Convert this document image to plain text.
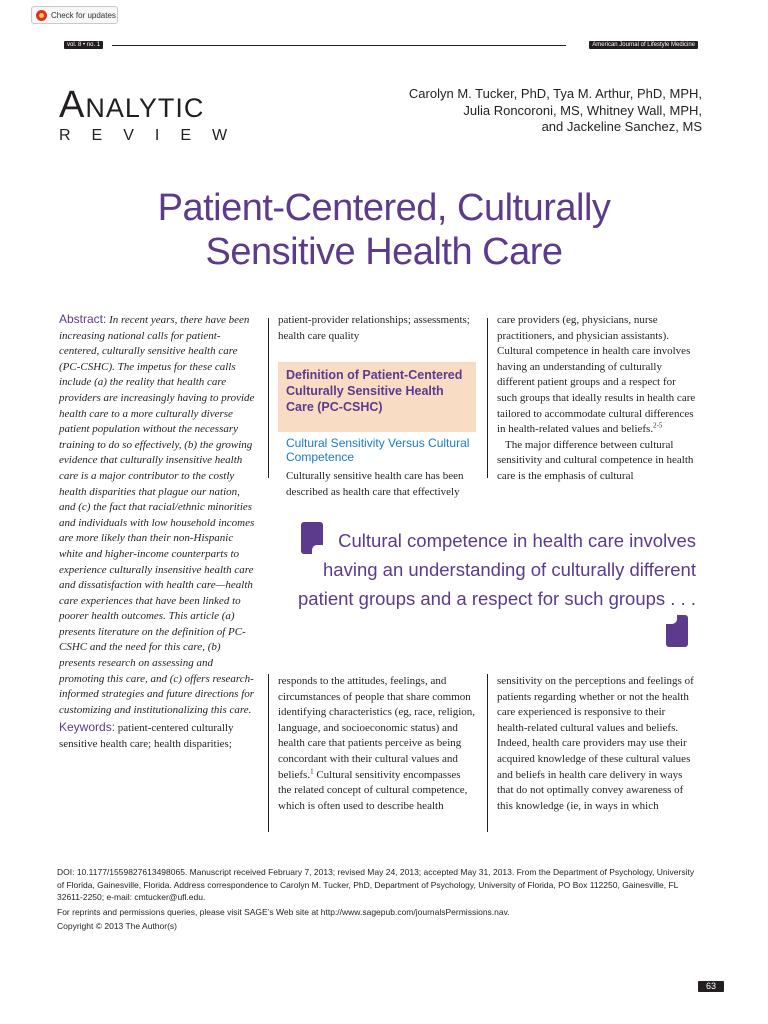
Check for updates
vol. 8 • no. 1	American Journal of Lifestyle Medicine
Analytic
REVIEW
Carolyn M. Tucker, PhD, Tya M. Arthur, PhD, MPH,
Julia Roncoroni, MS, Whitney Wall, MPH,
and Jackeline Sanchez, MS
Patient-Centered, Culturally
Sensitive Health Care
Abstract: In recent years, there have been increasing national calls for patient-centered, culturally sensitive health care (PC-CSHC). The impetus for these calls include (a) the reality that health care providers are increasingly having to provide health care to a more culturally diverse patient population without the necessary training to do so effectively, (b) the growing evidence that culturally insensitive health care is a major contributor to the costly health disparities that plague our nation, and (c) the fact that racial/ethnic minorities and individuals with low household incomes are more likely than their non-Hispanic white and higher-income counterparts to experience culturally insensitive health care and dissatisfaction with health care—health care experiences that have been linked to poorer health outcomes. This article (a) presents literature on the definition of PC-CSHC and the need for this care, (b) presents research on assessing and promoting this care, and (c) offers research-informed strategies and future directions for customizing and institutionalizing this care.
Keywords: patient-centered culturally sensitive health care; health disparities;
patient-provider relationships; assessments; health care quality
Definition of Patient-Centered Culturally Sensitive Health Care (PC-CSHC)
Cultural Sensitivity Versus Cultural Competence
Culturally sensitive health care has been described as health care that effectively
care providers (eg, physicians, nurse practitioners, and physician assistants). Cultural competence in health care involves having an understanding of culturally different patient groups and a respect for such groups that ideally results in health care tailored to accommodate cultural differences in health-related values and beliefs.$^{2-5}$
The major difference between cultural sensitivity and cultural competence in health care is the emphasis of cultural
Cultural competence in health care involves having an understanding of culturally different patient groups and a respect for such groups . . .
responds to the attitudes, feelings, and circumstances of people that share common identifying characteristics (eg, race, religion, language, and socioeconomic status) and health care that patients perceive as being concordant with their cultural values and beliefs.$^1$ Cultural sensitivity encompasses the related concept of cultural competence, which is often used to describe health
sensitivity on the perceptions and feelings of patients regarding whether or not the health care experienced is responsive to their health-related cultural values and beliefs. Indeed, health care providers may use their acquired knowledge of these cultural values and beliefs in health care delivery in ways that do not optimally convey awareness of this knowledge (ie, in ways in which

DOI: 10.1177/1559827613498065. Manuscript received February 7, 2013; revised May 24, 2013; accepted May 31, 2013. From the Department of Psychology, University of Florida, Gainesville, Florida. Address correspondence to Carolyn M. Tucker, PhD, Department of Psychology, University of Florida, PO Box 112250, Gainesville, FL 32611-2250; e-mail: cmtucker@ufl.edu.

For reprints and permissions queries, please visit SAGE’s Web site at http://www.sagepub.com/journalsPermissions.nav.

Copyright © 2013 The Author(s)

63
